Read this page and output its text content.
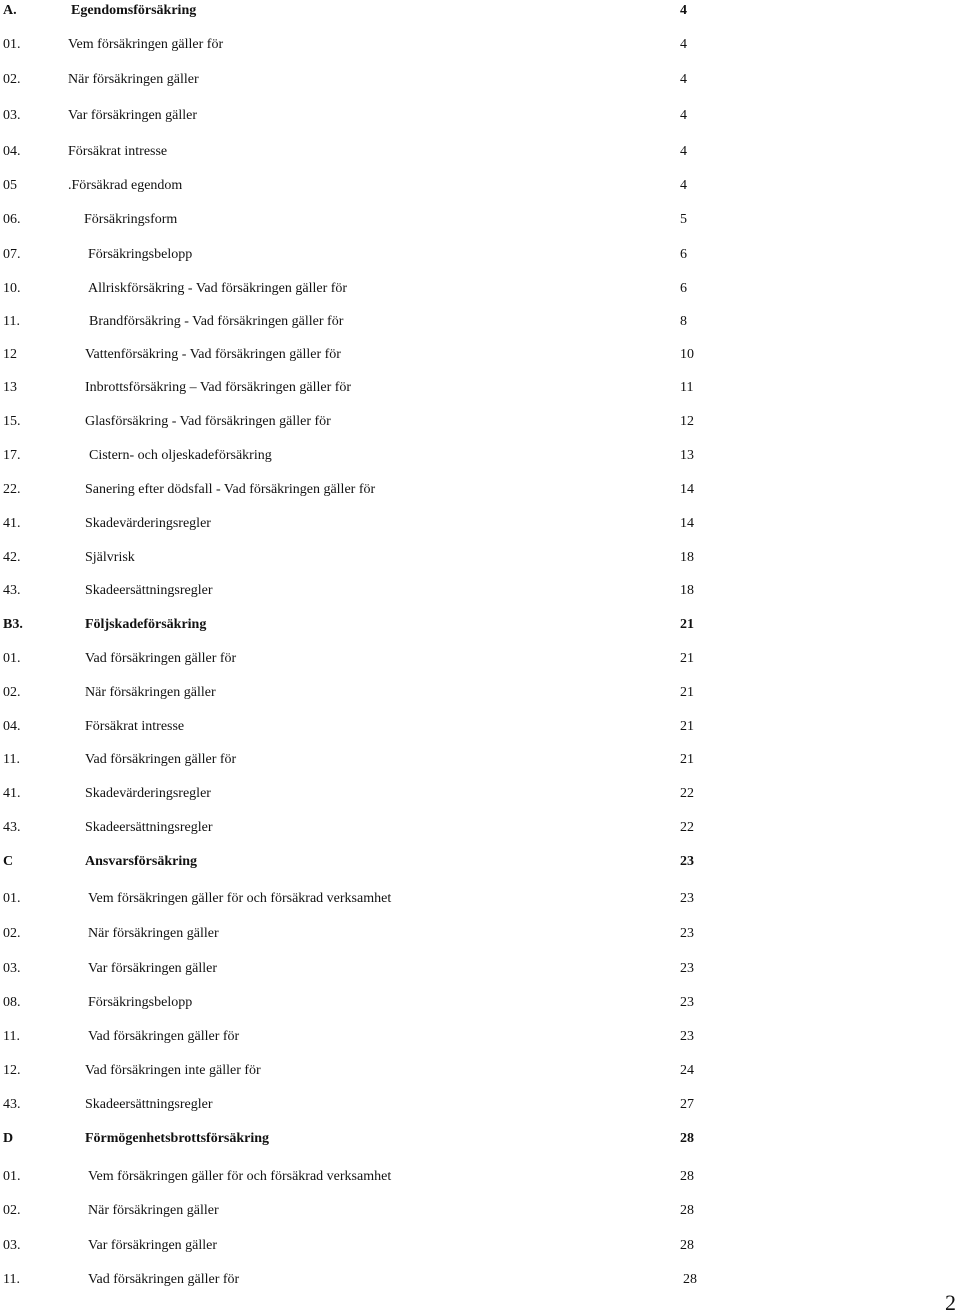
A.	Egendomsförsäkring	4
01.	Vem försäkringen gäller för	4
02.	När försäkringen gäller	4
03.	Var försäkringen gäller	4
04.	Försäkrat intresse	4
05	.Försäkrad egendom	4
06.	Försäkringsform	5
07.	Försäkringsbelopp	6
10.	Allriskförsäkring - Vad försäkringen gäller för	6
11.	Brandförsäkring - Vad försäkringen gäller för	8
12	Vattenförsäkring - Vad försäkringen gäller för	10
13	Inbrottsförsäkring – Vad försäkringen gäller för	11
15.	Glasförsäkring - Vad försäkringen gäller för	12
17.	Cistern- och oljeskadeförsäkring	13
22.	Sanering efter dödsfall - Vad försäkringen gäller för	14
41.	Skadevärderingsregler	14
42.	Självrisk	18
43.	Skadeersättningsregler	18
B3.	Följskadeförsäkring	21
01.	Vad försäkringen gäller för	21
02.	När försäkringen gäller	21
04.	Försäkrat intresse	21
11.	Vad försäkringen gäller för	21
41.	Skadevärderingsregler	22
43.	Skadeersättningsregler	22
C	Ansvarsförsäkring	23
01.	Vem försäkringen gäller för och försäkrad verksamhet	23
02.	När försäkringen gäller	23
03.	Var försäkringen gäller	23
08.	Försäkringsbelopp	23
11.	Vad försäkringen gäller för	23
12.	Vad försäkringen inte gäller för	24
43.	Skadeersättningsregler	27
D	Förmögenhetsbrottsförsäkring	28
01.	Vem försäkringen gäller för och försäkrad verksamhet	28
02.	När försäkringen gäller	28
03.	Var försäkringen gäller	28
11.	Vad försäkringen gäller för	28
2
